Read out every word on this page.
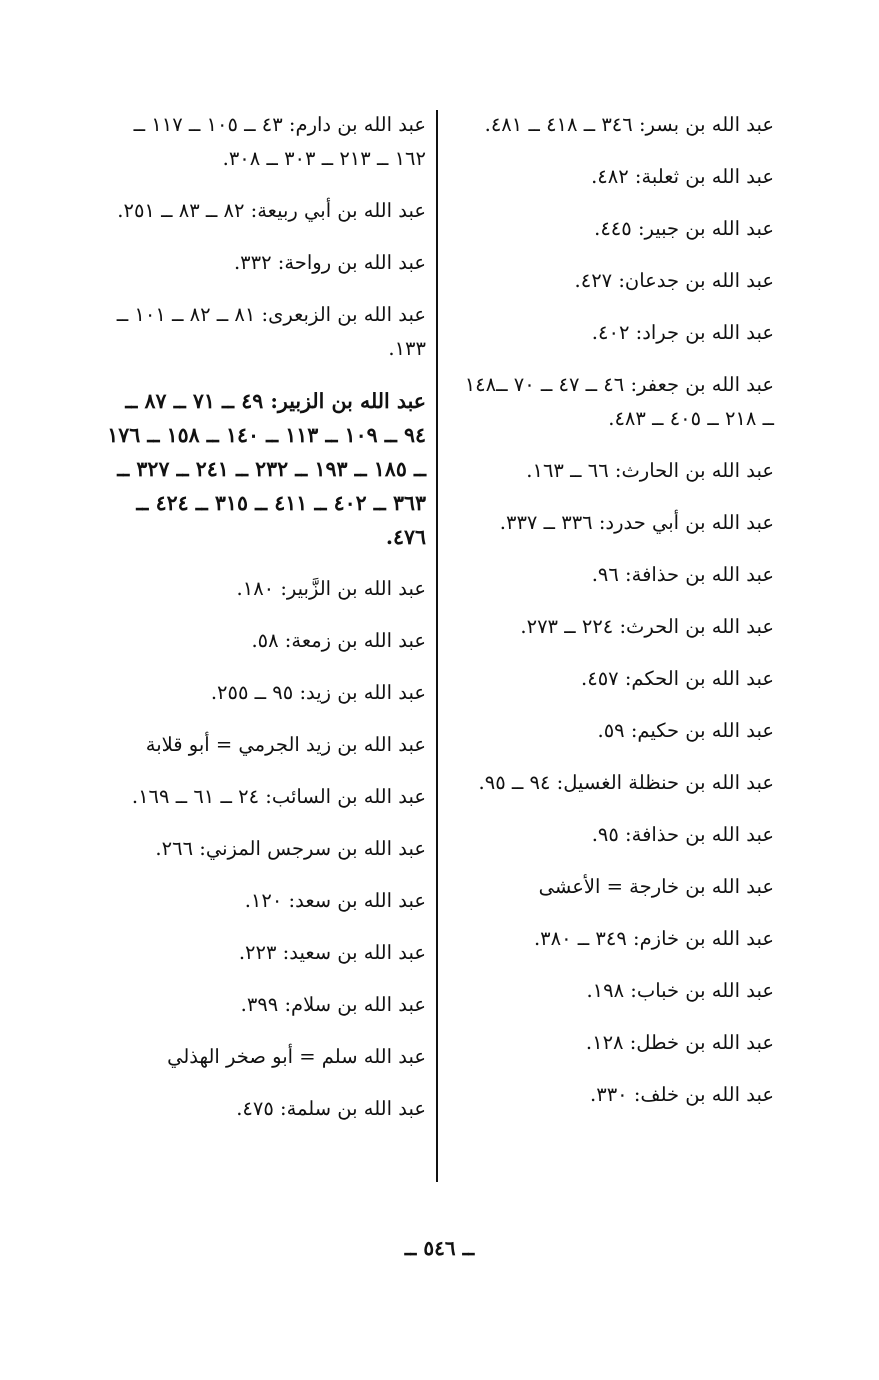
عبد الله بن بسر: ٣٤٦ ــ ٤١٨ ــ ٤٨١.

عبد الله بن ثعلبة: ٤٨٢.

عبد الله بن جبير: ٤٤٥.

عبد الله بن جدعان: ٤٢٧.

عبد الله بن جراد: ٤٠٢.

عبد الله بن جعفر: ٤٦ ــ ٤٧ ــ ٧٠ ــ١٤٨ ــ ٢١٨ ــ ٤٠٥ ــ ٤٨٣.

عبد الله بن الحارث: ٦٦ ــ ١٦٣.

عبد الله بن أبي حدرد: ٣٣٦ ــ ٣٣٧.

عبد الله بن حذافة: ٩٦.

عبد الله بن الحرث: ٢٢٤ ــ ٢٧٣.

عبد الله بن الحكم: ٤٥٧.

عبد الله بن حكيم: ٥٩.

عبد الله بن حنظلة الغسيل: ٩٤ ــ ٩٥.

عبد الله بن حذافة: ٩٥.

عبد الله بن خارجة = الأعشى

عبد الله بن خازم: ٣٤٩ ــ ٣٨٠.

عبد الله بن خباب: ١٩٨.

عبد الله بن خطل: ١٢٨.

عبد الله بن خلف: ٣٣٠.

عبد الله بن دارم: ٤٣ ــ ١٠٥ ــ ١١٧ ــ ١٦٢ ــ ٢١٣ ــ ٣٠٣ ــ ٣٠٨.

عبد الله بن أبي ربيعة: ٨٢ ــ ٨٣ ــ ٢٥١.

عبد الله بن رواحة: ٣٣٢.

عبد الله بن الزبعرى: ٨١ ــ ٨٢ ــ ١٠١ ــ ١٣٣.

عبد الله بن الزبير: ٤٩ ــ ٧١ ــ ٨٧ ــ ٩٤ ــ ١٠٩ ــ ١١٣ ــ ١٤٠ ــ ١٥٨ ــ ١٧٦ ــ ١٨٥ ــ ١٩٣ ــ ٢٣٢ ــ ٢٤١ ــ ٣٢٧ ــ ٣٦٣ ــ ٤٠٢ ــ ٤١١ ــ ٣١٥ ــ ٤٢٤ ــ ٤٧٦.

عبد الله بن الزَّبير: ١٨٠.

عبد الله بن زمعة: ٥٨.

عبد الله بن زيد: ٩٥ ــ ٢٥٥.

عبد الله بن زيد الجرمي = أبو قلابة

عبد الله بن السائب: ٢٤ ــ ٦١ ــ ١٦٩.

عبد الله بن سرجس المزني: ٢٦٦.

عبد الله بن سعد: ١٢٠.

عبد الله بن سعيد: ٢٢٣.

عبد الله بن سلام: ٣٩٩.

عبد الله سلم = أبو صخر الهذلي

عبد الله بن سلمة: ٤٧٥.

ــ ٥٤٦ ــ
